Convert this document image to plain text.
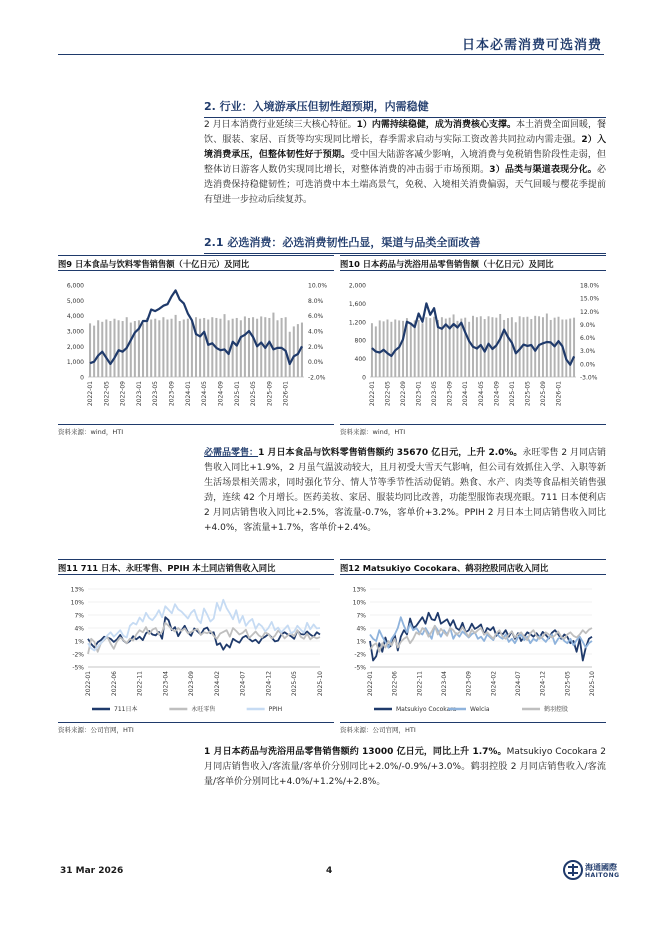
日本必需消费可选消费
2. 行业：入境游承压但韧性超预期，内需稳健
2 月日本消费行业延续三大核心特征。1）内需持续稳健，成为消费核心支撑。本土消费全面回暖，餐饮、服装、家居、百货等均实现同比增长，春季需求启动与实际工资改善共同拉动内需走强。2）入境消费承压，但整体韧性好于预期。受中国大陆游客减少影响，入境消费与免税销售阶段性走弱，但整体访日游客人数仍实现同比增长，对整体消费的冲击弱于市场预期。3）品类与渠道表现分化。必选消费保持稳健韧性；可选消费中本土端高景气，免税、入境相关消费偏弱，天气回暖与樱花季提前有望进一步拉动后续复苏。
2.1 必选消费：必选消费韧性凸显，渠道与品类全面改善
图9 日本食品与饮料零售销售额（十亿日元）及同比	图10 日本药品与洗浴用品零售销售额（十亿日元）及同比
6,000
5,000
4,000
3,000
2,000
1,000
0
10.0%
8.0%
6.0%
4.0%
2.0%
0.0%
-2.0%
2022-01 2022-05 2022-09 2023-01 2023-05 2023-09 2024-01 2024-05 2024-09 2025-01 2025-05 2025-09 2026-01
2,000
1,600
1,200
800
400
0
18.0%
15.0%
12.0%
9.0%
6.0%
3.0%
0.0%
-3.0%
2022-01 2022-05 2022-09 2023-01 2023-05 2023-09 2024-01 2024-05 2024-09 2025-01 2025-05 2025-09 2026-01
资料来源：wind，HTI	资料来源：wind，HTI
必需品零售：1 月日本食品与饮料零售销售额约 35670 亿日元，上升 2.0%。永旺零售 2 月同店销售收入同比+1.9%，2 月虽气温波动较大，且月初受大雪天气影响，但公司有效抓住入学、入职等新生活场景相关需求，同时强化节分、情人节等季节性活动促销。熟食、水产、肉类等食品相关销售强劲，连续 42 个月增长。医药美妆、家居、服装均同比改善，功能型服饰表现亮眼。711 日本便利店 2 月同店销售收入同比+2.5%，客流量-0.7%，客单价+3.2%。PPIH 2 月日本土同店销售收入同比+4.0%，客流量+1.7%，客单价+2.4%。
图11 711 日本、永旺零售、PPIH 本土同店销售收入同比	图12 Matsukiyo Cocokara、鹤羽控股同店收入同比
13%
10%
7%
4%
1%
-2%
-5%
2022-01	2022-06	2022-11	2023-04	2023-09	2024-02	2024-07	2024-12	2025-05	2025-10
711日本	永旺零售	PPIH
13%
10%
7%
4%
1%
-2%
-5%
2022-01	2022-06	2022-11	2023-04	2023-09	2024-02	2024-07	2024-12	2025-05	2025-10
Matsukiyo Cocokara Welcia	鹤羽控股
资料来源：公司官网，HTI	资料来源：公司官网，HTI
1 月日本药品与洗浴用品零售销售额约 13000 亿日元，同比上升 1.7%。Matsukiyo Cocokara 2 月同店销售收入/客流量/客单价分别同比+2.0%/-0.9%/+3.0%。鹤羽控股 2 月同店销售收入/客流量/客单价分别同比+4.0%/+1.2%/+2.8%。
31 Mar 2026	4	海通國際
HAITONG
